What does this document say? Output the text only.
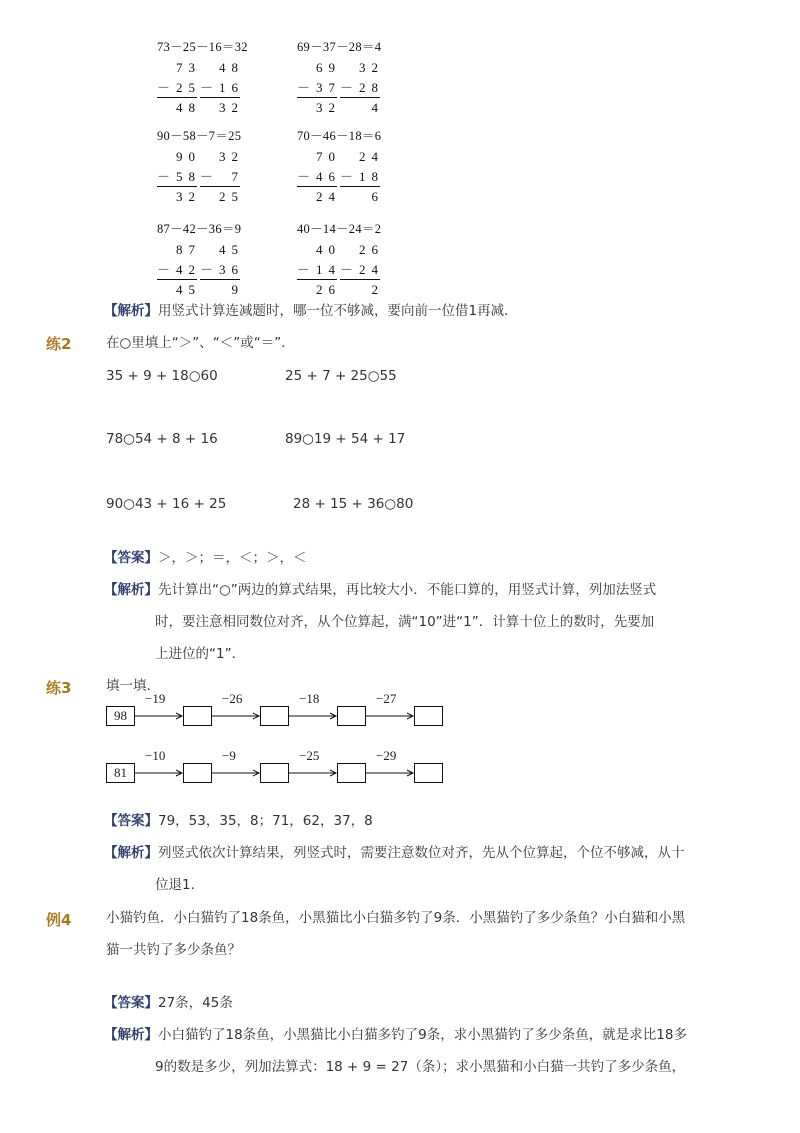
73－25－16＝32	69－37－28＝4
90－58－7＝25	70－46－18＝6
87－42－36＝9	40－14－24＝2
73
－ 25
48
48
－ 16
32
69
－ 37
32
32
－ 28
4
90
－ 58
32
32
－ 7
25
70
－ 46
24
24
－ 18
6
87
－ 42
45
45
－ 36
9
40
－ 14
26
26
－ 24
2
【解析】用竖式计算连减题时，哪一位不够减，要向前一位借1再减．
练2	在○里填上“＞”、“＜”或“＝”．
35 + 9 + 18○60	25 + 7 + 25○55
78○54 + 8 + 16	89○19 + 54 + 17
90○43 + 16 + 25	28 + 15 + 36○80
【答案】＞，＞；＝，＜；＞，＜
【解析】先计算出“○”两边的算式结果，再比较大小．不能口算的，用竖式计算，列加法竖式
时，要注意相同数位对齐，从个位算起，满“10”进“1”．计算十位上的数时，先要加
上进位的“1”．
练3	填一填．
98
−19	−26	−18	−27
81
−10	−9	−25	−29
【答案】79，53，35，8；71，62，37，8
【解析】列竖式依次计算结果，列竖式时，需要注意数位对齐，先从个位算起，个位不够减，从十
位退1．
例4	小猫钓鱼．小白猫钓了18条鱼，小黑猫比小白猫多钓了9条．小黑猫钓了多少条鱼？小白猫和小黑
猫一共钓了多少条鱼？
【答案】27条，45条
【解析】小白猫钓了18条鱼，小黑猫比小白猫多钓了9条，求小黑猫钓了多少条鱼，就是求比18多
9的数是多少，列加法算式：18 + 9 = 27（条）；求小黑猫和小白猫一共钓了多少条鱼，
